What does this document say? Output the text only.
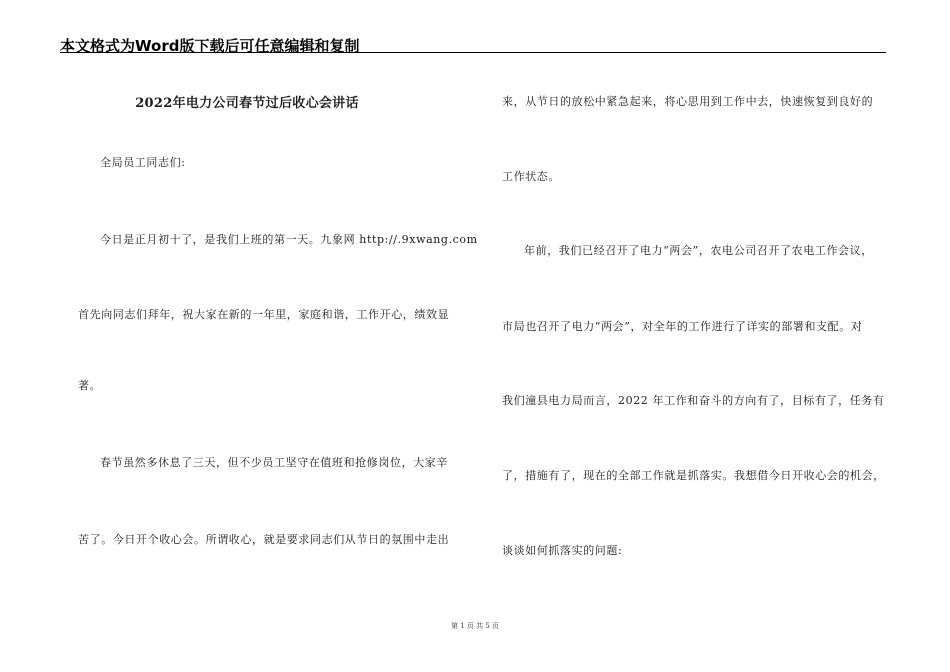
本文格式为Word版下载后可任意编辑和复制
2022年电力公司春节过后收心会讲话
全局员工同志们:
今日是正月初十了，是我们上班的第一天。九象网 http://.9xwang.com
首先向同志们拜年，祝大家在新的一年里，家庭和谐，工作开心，绩效显
著。
春节虽然多休息了三天，但不少员工坚守在值班和抢修岗位，大家辛
苦了。今日开个收心会。所谓收心，就是要求同志们从节日的氛围中走出
来，从节日的放松中紧急起来，将心思用到工作中去，快速恢复到良好的
工作状态。
年前，我们已经召开了电力“两会”，农电公司召开了农电工作会议，
市局也召开了电力“两会”，对全年的工作进行了详实的部署和支配。对
我们潼县电力局而言，2022 年工作和奋斗的方向有了，目标有了，任务有
了，措施有了，现在的全部工作就是抓落实。我想借今日开收心会的机会，
谈谈如何抓落实的问题:
第 1 页 共 5 页
